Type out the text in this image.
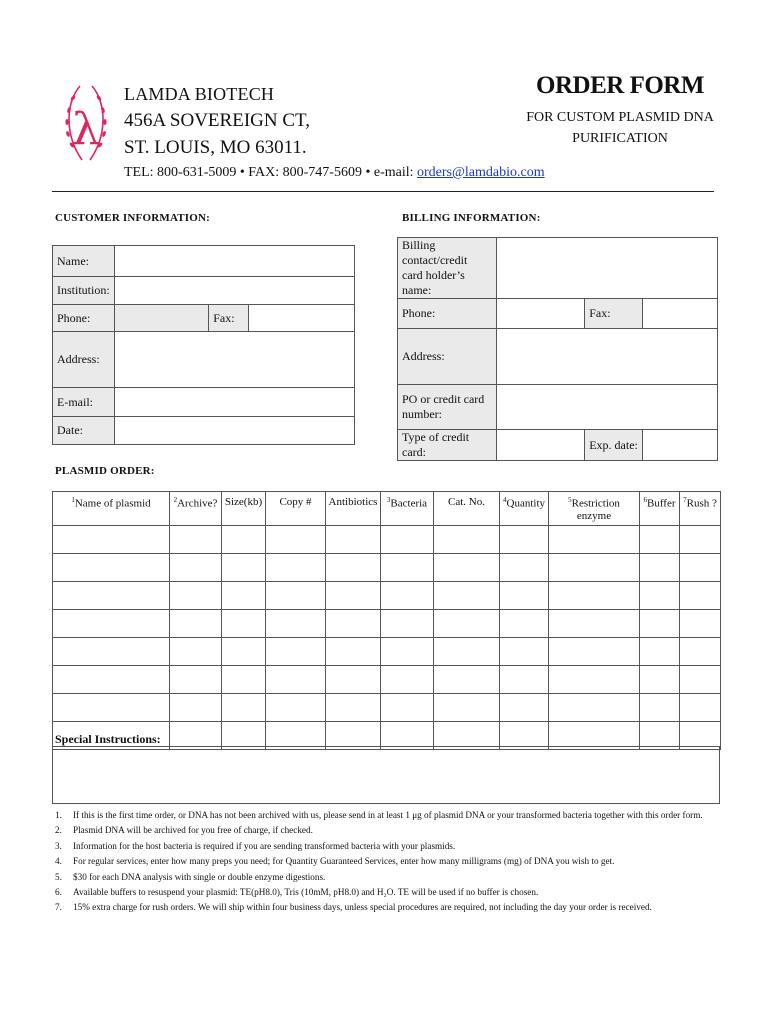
λ
LAMDA BIOTECH
456A SOVEREIGN CT,
ST. LOUIS, MO 63011.
TEL: 800-631-5009 • FAX: 800-747-5609 • e-mail: orders@lamdabio.com
ORDER FORM
FOR CUSTOM PLASMID DNA
PURIFICATION
CUSTOMER INFORMATION:
Name:			
Institution:			
Phone:		Fax:	
Address:			
E-mail:			
Date:			
BILLING INFORMATION:
Billing contact/credit
card holder’s name:			

Phone:		Fax:	
Address:			

PO or credit card
number:			

Type of credit card:		Exp. date:	
PLASMID ORDER:
$^1$Name of plasmid	$^2$Archive?	Size(kb)	Copy #	Antibiotics	$^3$Bacteria	Cat. No.	$^4$Quantity	$^5$Restriction enzyme	$^6$Buffer	$^7$Rush ?

Special Instructions:
1. If this is the first time order, or DNA has not been archived with us, please send in at least 1 μg of plasmid DNA or your transformed bacteria together with this order form.
2. Plasmid DNA will be archived for you free of charge, if checked.
3. Information for the host bacteria is required if you are sending transformed bacteria with your plasmids.
4. For regular services, enter how many preps you need; for Quantity Guaranteed Services, enter how many milligrams (mg) of DNA you wish to get.
5. $30 for each DNA analysis with single or double enzyme digestions.
6. Available buffers to resuspend your plasmid: TE(pH8.0), Tris (10mM, pH8.0) and H₂O. TE will be used if no buffer is chosen.
7. 15% extra charge for rush orders. We will ship within four business days, unless special procedures are required, not including the day your order is received.
